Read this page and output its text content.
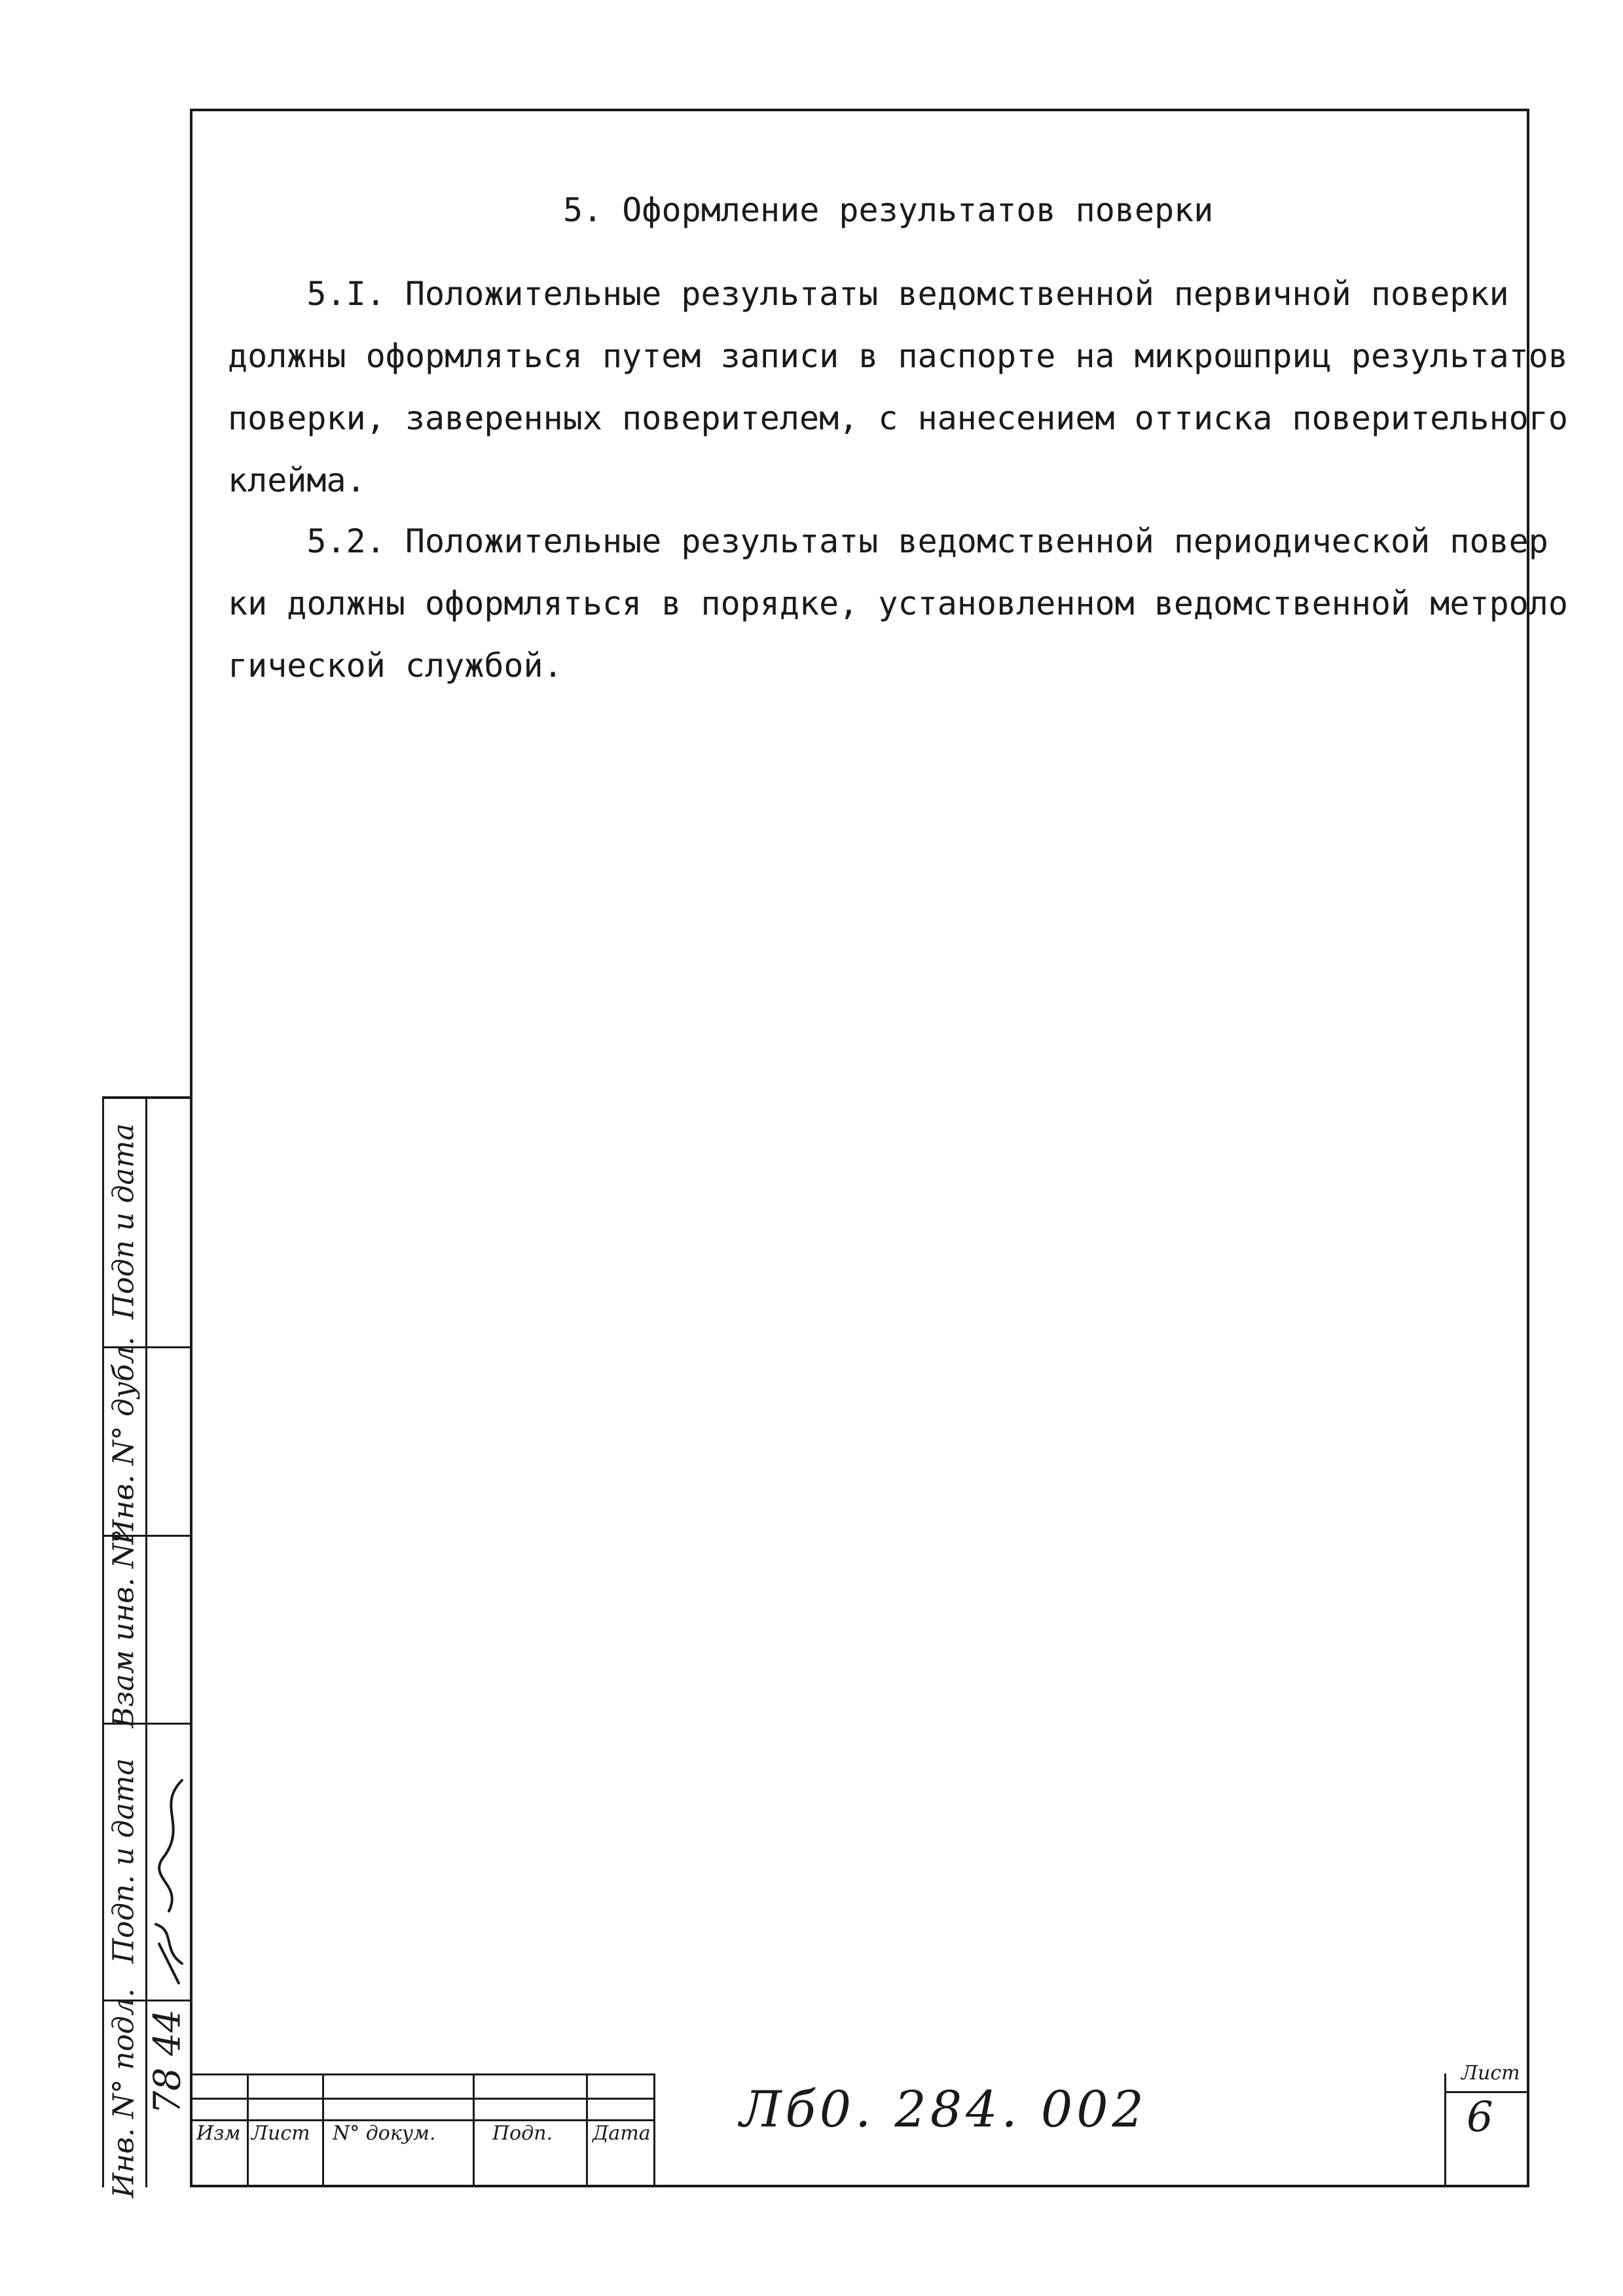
5. Оформление результатов поверки
5.I. Положительные результаты ведомственной первичной поверки
должны оформляться путем записи в паспорте на микрошприц результатов
поверки, заверенных поверителем, с нанесением оттиска поверительного
клейма.
5.2. Положительные результаты ведомственной периодической повер
ки должны оформляться в порядке, установленном ведомственной метроло
гической службой.
Подп и дата
Инв. N° дубл.
Взам инв. N°
Подп. и дата
Инв. N° подл. 78 44
Изм Лист N° докум.	Подп. Дата Лб0. 284. 002
Лист
6
